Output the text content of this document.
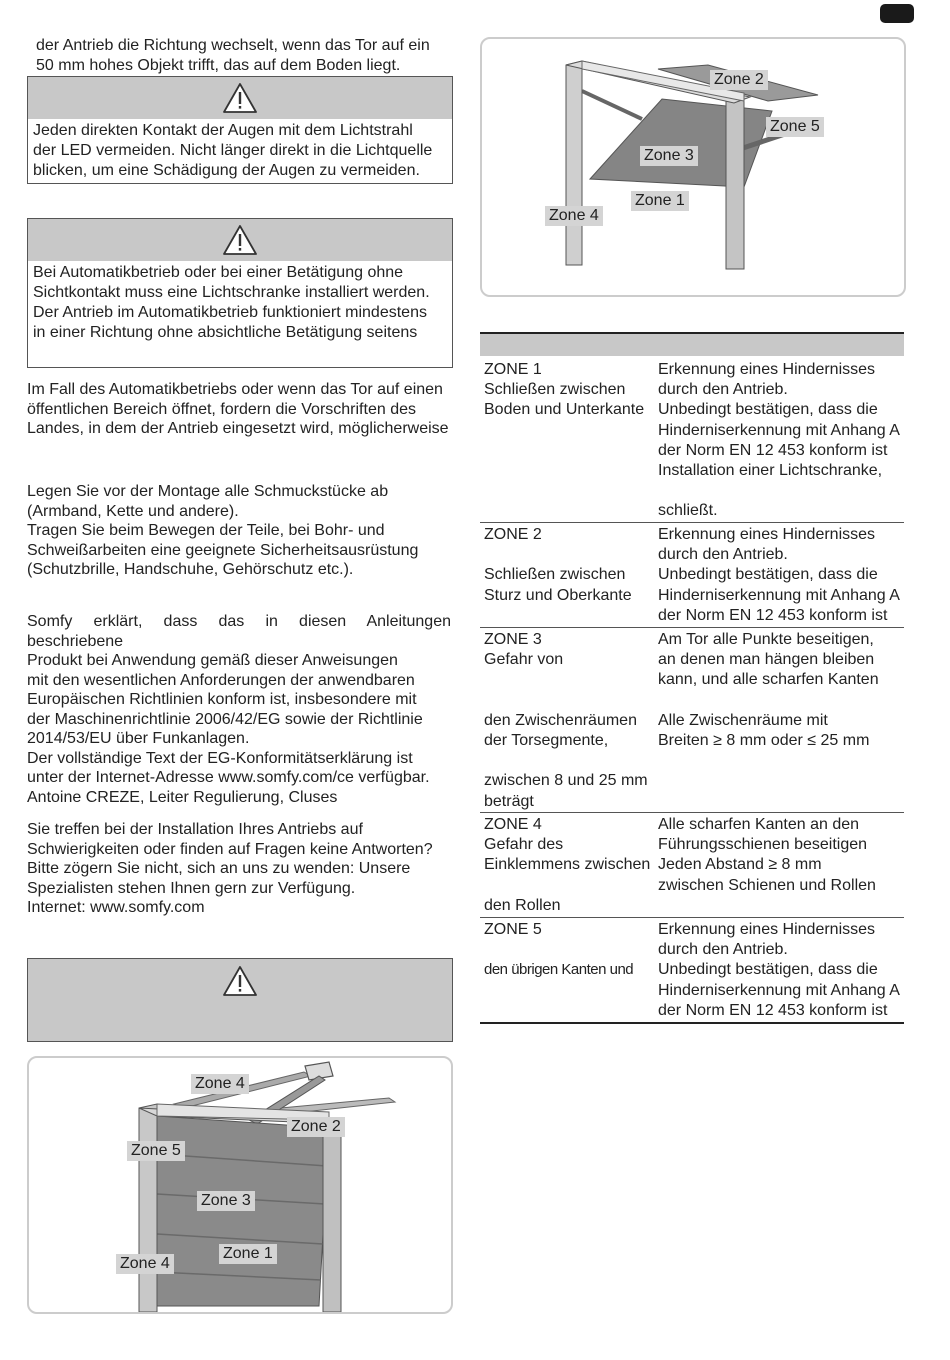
der Antrieb die Richtung wechselt, wenn das Tor auf ein

50 mm hohes Objekt trifft, das auf dem Boden liegt.

Jeden direkten Kontakt der Augen mit dem Lichtstrahl

der LED vermeiden. Nicht länger direkt in die Lichtquelle

blicken, um eine Schädigung der Augen zu vermeiden.

Bei Automatikbetrieb oder bei einer Betätigung ohne

Sichtkontakt muss eine Lichtschranke installiert werden.

Der Antrieb im Automatikbetrieb funktioniert mindestens

in einer Richtung ohne absichtliche Betätigung seitens

Im Fall des Automatikbetriebs oder wenn das Tor auf einen

öffentlichen Bereich öffnet, fordern die Vorschriften des

Landes, in dem der Antrieb eingesetzt wird, möglicherweise

Legen Sie vor der Montage alle Schmuckstücke ab

(Armband, Kette und andere).

Tragen Sie beim Bewegen der Teile, bei Bohr- und

Schweißarbeiten eine geeignete Sicherheitsausrüstung

(Schutzbrille, Handschuhe, Gehörschutz etc.).

Somfy erklärt, dass das in diesen Anleitungen beschriebene

Produkt bei Anwendung gemäß dieser Anweisungen

mit den wesentlichen Anforderungen der anwendbaren

Europäischen Richtlinien konform ist, insbesondere mit

der Maschinenrichtlinie 2006/42/EG sowie der Richtlinie

2014/53/EU über Funkanlagen.

Der vollständige Text der EG-Konformitätserklärung ist

unter der Internet-Adresse www.somfy.com/ce verfügbar.

Antoine CREZE, Leiter Regulierung, Cluses

Sie treffen bei der Installation Ihres Antriebs auf

Schwierigkeiten oder finden auf Fragen keine Antworten?

Bitte zögern Sie nicht, sich an uns zu wenden: Unsere

Spezialisten stehen Ihnen gern zur Verfügung.

Internet: www.somfy.com

Zone 4
Zone 2
Zone 5
Zone 3
Zone 1
Zone 4
Zone 2
Zone 5
Zone 3
Zone 1
Zone 4
ZONE 1
Schließen zwischen
Boden und Unterkante
Erkennung eines Hindernisses
durch den Antrieb.
Unbedingt bestätigen, dass die
Hinderniserkennung mit Anhang A
der Norm EN 12 453 konform ist
Installation einer Lichtschranke,

schließt.
ZONE 2

Schließen zwischen
Sturz und Oberkante
Erkennung eines Hindernisses
durch den Antrieb.
Unbedingt bestätigen, dass die
Hinderniserkennung mit Anhang A
der Norm EN 12 453 konform ist
ZONE 3
Gefahr von

den Zwischenräumen
der Torsegmente,

zwischen 8 und 25 mm
beträgt
Am Tor alle Punkte beseitigen,
an denen man hängen bleiben
kann, und alle scharfen Kanten

Alle Zwischenräume mit
Breiten ≥ 8 mm oder ≤ 25 mm
ZONE 4
Gefahr des
Einklemmens zwischen

den Rollen
Alle scharfen Kanten an den
Führungsschienen beseitigen
Jeden Abstand ≥ 8 mm
zwischen Schienen und Rollen
ZONE 5

den übrigen Kanten und
Erkennung eines Hindernisses
durch den Antrieb.
Unbedingt bestätigen, dass die
Hinderniserkennung mit Anhang A
der Norm EN 12 453 konform ist
